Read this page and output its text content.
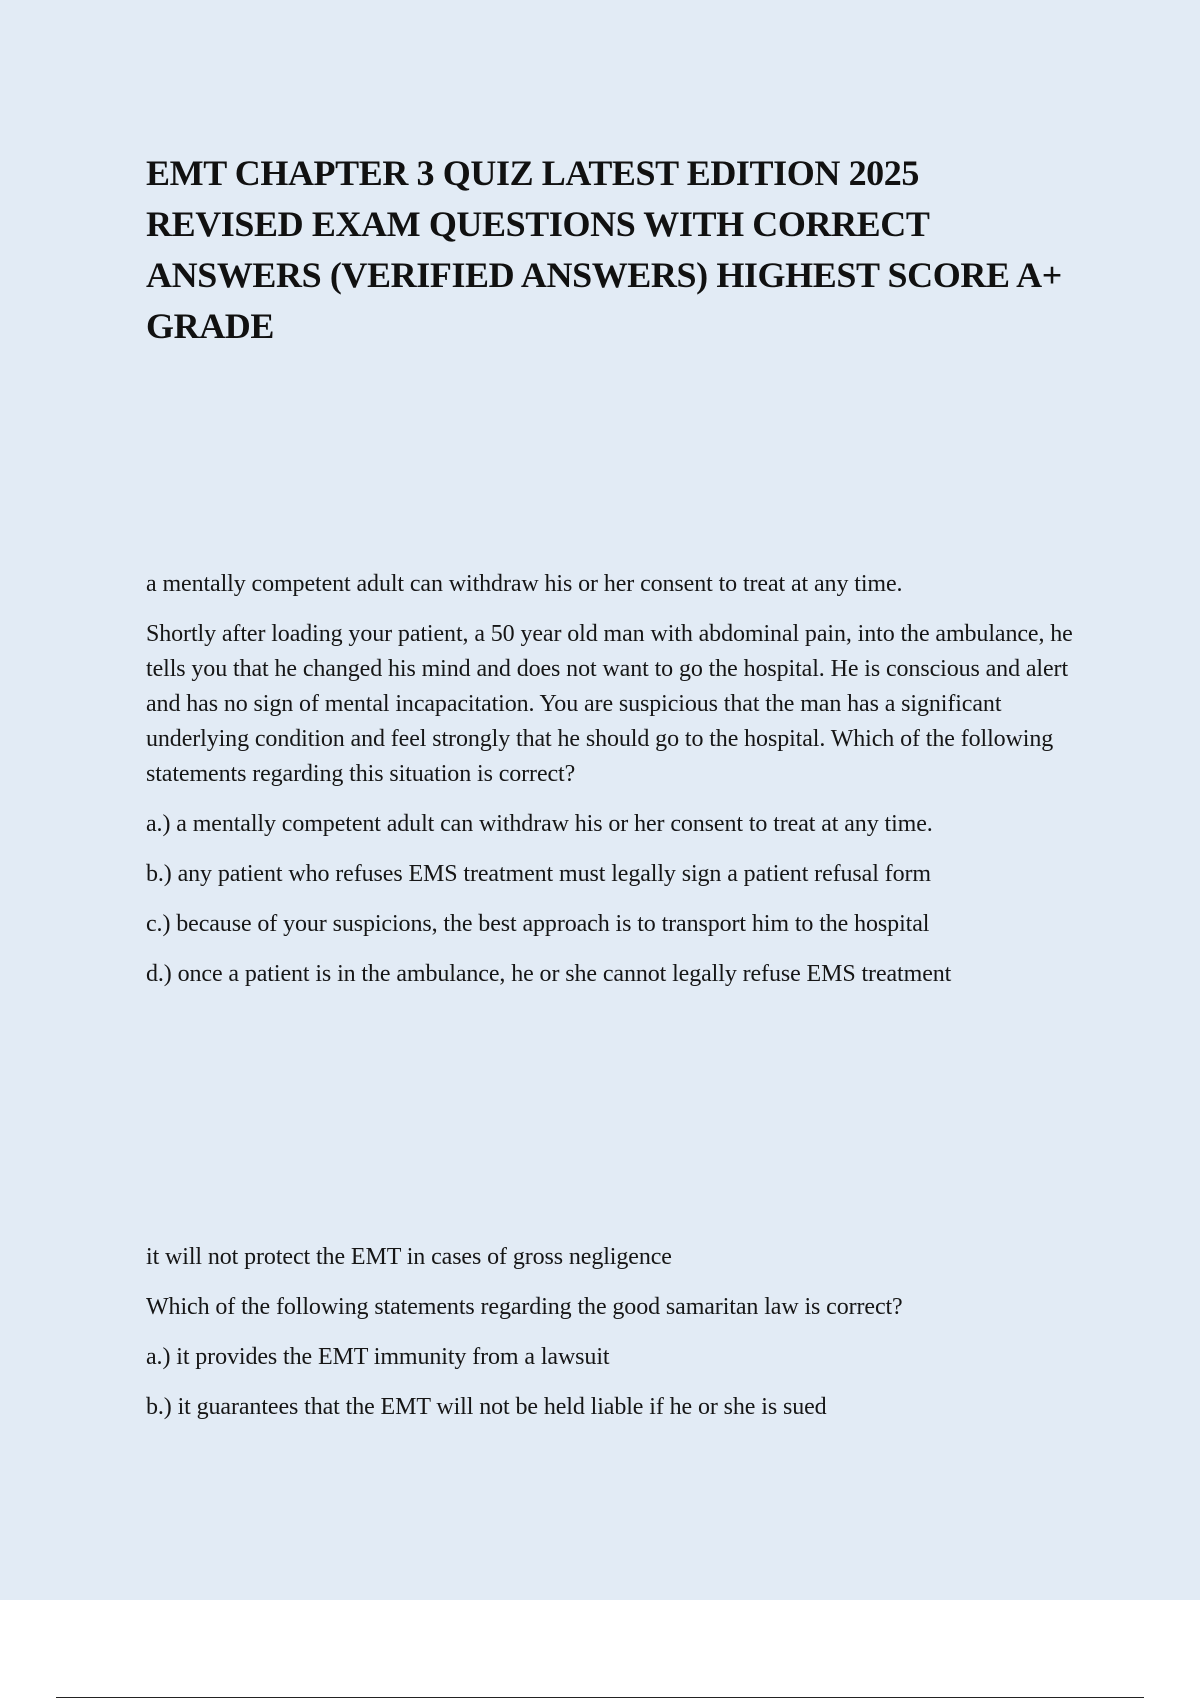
EMT CHAPTER 3 QUIZ LATEST EDITION 2025 REVISED EXAM QUESTIONS WITH CORRECT ANSWERS (VERIFIED ANSWERS) HIGHEST SCORE A+ GRADE

a mentally competent adult can withdraw his or her consent to treat at any time.

Shortly after loading your patient, a 50 year old man with abdominal pain, into the ambulance, he tells you that he changed his mind and does not want to go the hospital. He is conscious and alert and has no sign of mental incapacitation. You are suspicious that the man has a significant underlying condition and feel strongly that he should go to the hospital. Which of the following statements regarding this situation is correct?

a.) a mentally competent adult can withdraw his or her consent to treat at any time.

b.) any patient who refuses EMS treatment must legally sign a patient refusal form

c.) because of your suspicions, the best approach is to transport him to the hospital

d.) once a patient is in the ambulance, he or she cannot legally refuse EMS treatment

it will not protect the EMT in cases of gross negligence

Which of the following statements regarding the good samaritan law is correct?

a.) it provides the EMT immunity from a lawsuit

b.) it guarantees that the EMT will not be held liable if he or she is sued
